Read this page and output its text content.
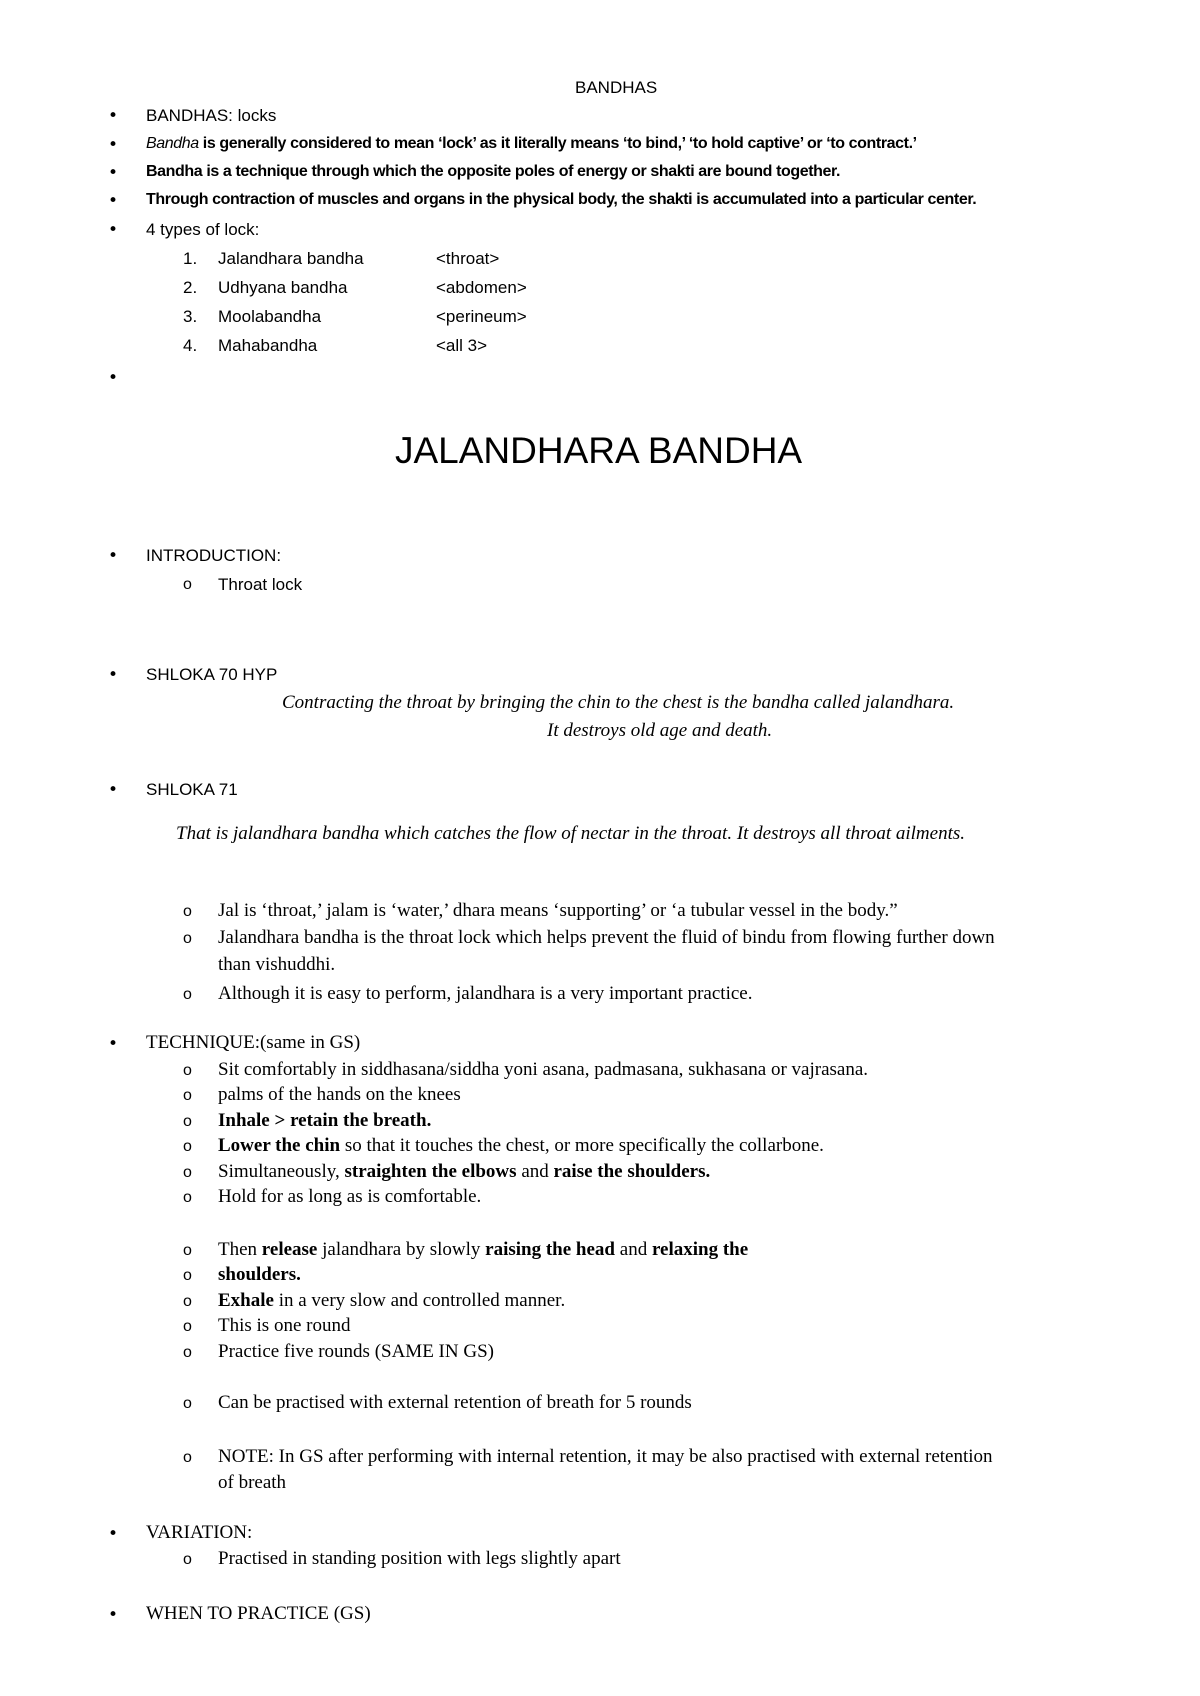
BANDHAS
• BANDHAS: locks
• Bandha is generally considered to mean ‘lock’ as it literally means ‘to bind,’ ‘to hold captive’ or ‘to contract.’
• Bandha is a technique through which the opposite poles of energy or shakti are bound together.
• Through contraction of muscles and organs in the physical body, the shakti is accumulated into a particular center.
• 4 types of lock:
1. Jalandhara bandha	<throat>
2. Udhyana bandha	<abdomen>
3. Moolabandha	<perineum>
4. Mahabandha	<all 3>
•
JALANDHARA BANDHA
• INTRODUCTION:
o Throat lock
• SHLOKA 70 HYP
Contracting the throat by bringing the chin to the chest is the bandha called jalandhara.
It destroys old age and death.
• SHLOKA 71
That is jalandhara bandha which catches the flow of nectar in the throat. It destroys all throat ailments.
o Jal is ‘throat,’ jalam is ‘water,’ dhara means ‘supporting’ or ‘a tubular vessel in the body.”
o Jalandhara bandha is the throat lock which helps prevent the fluid of bindu from flowing further down
than vishuddhi.
o Although it is easy to perform, jalandhara is a very important practice.
• TECHNIQUE:(same in GS)
o Sit comfortably in siddhasana/siddha yoni asana, padmasana, sukhasana or vajrasana.
o palms of the hands on the knees
o Inhale > retain the breath.
o Lower the chin so that it touches the chest, or more specifically the collarbone.
o Simultaneously, straighten the elbows and raise the shoulders.
o Hold for as long as is comfortable.
o Then release jalandhara by slowly raising the head and relaxing the
o shoulders.
o Exhale in a very slow and controlled manner.
o This is one round
o Practice five rounds (SAME IN GS)
o Can be practised with external retention of breath for 5 rounds
o NOTE: In GS after performing with internal retention, it may be also practised with external retention
of breath
• VARIATION:
o Practised in standing position with legs slightly apart
• WHEN TO PRACTICE (GS)
